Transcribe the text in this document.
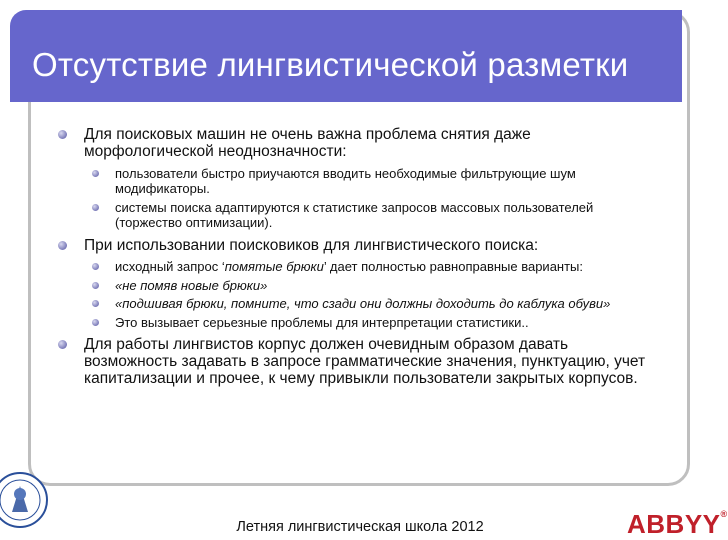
Отсутствие лингвистической разметки
Для поисковых машин не очень важна проблема снятия даже морфологической неоднозначности:
пользователи быстро приучаются вводить необходимые фильтрующие шум модификаторы.
системы поиска адаптируются к статистике запросов массовых пользователей (торжество оптимизации).
При использовании поисковиков для лингвистического поиска:
исходный запрос ‘помятые брюки’ дает полностью равноправные варианты:
«не помяв новые брюки»
«подшивая брюки, помните, что сзади они должны доходить до каблука обуви»
Это вызывает серьезные проблемы для интерпретации статистики..
Для работы лингвистов корпус должен очевидным образом давать возможность задавать в запросе грамматические значения, пунктуацию, учет капитализации и прочее, к чему привыкли пользователи закрытых корпусов.
Летняя лингвистическая школа 2012	ABBYY®
